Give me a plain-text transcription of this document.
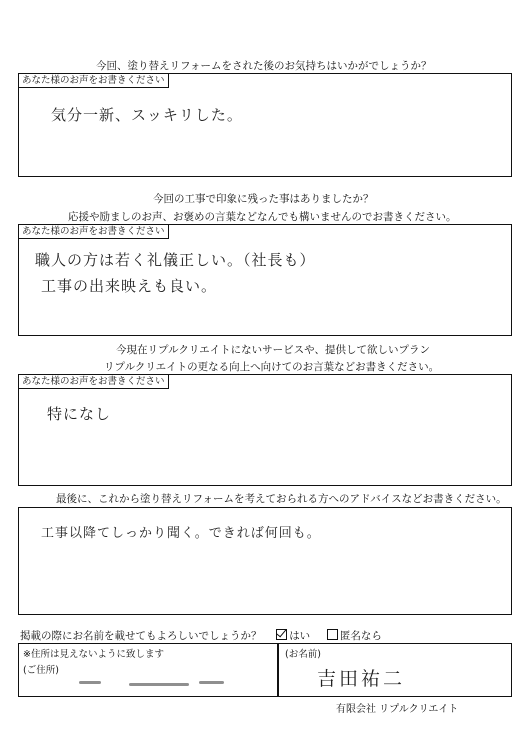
今回、塗り替えリフォームをされた後のお気持ちはいかがでしょうか？
あなた様のお声をお書きください
気分一新、スッキリした。
今回の工事で印象に残った事はありましたか？
応援や励ましのお声、お褒めの言葉などなんでも構いませんのでお書きください。
あなた様のお声をお書きください
職人の方は若く礼儀正しい。（社長も）
工事の出来映えも良い。
今現在リプルクリエイトにないサービスや、提供して欲しいプラン
リプルクリエイトの更なる向上へ向けてのお言葉などお書きください。
あなた様のお声をお書きください
特になし
最後に、これから塗り替えリフォームを考えておられる方へのアドバイスなどお書きください。
工事以降てしっかり聞く。できれば何回も。
掲載の際にお名前を載せてもよろしいでしょうか？	はい	匿名なら
※住所は見えないように致します
(ご住所)
(お名前)
吉田祐二
有限会社 リプルクリエイト
